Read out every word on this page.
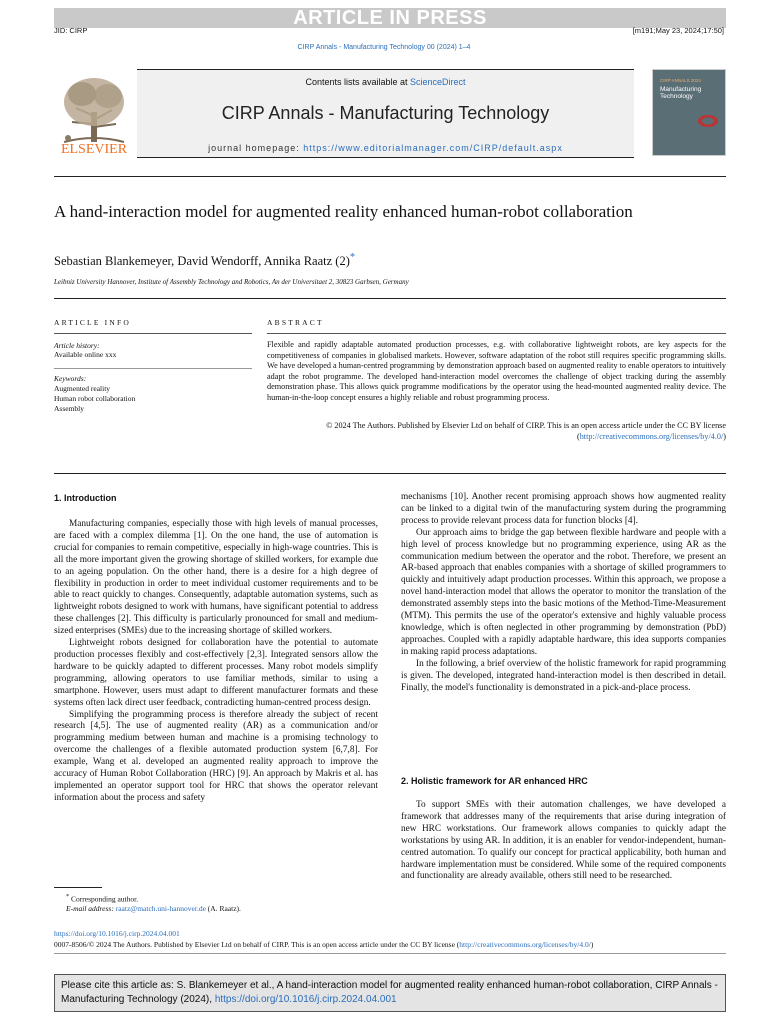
ARTICLE IN PRESS
JID: CIRP	[m191;May 23, 2024;17:50]
CIRP Annals - Manufacturing Technology 00 (2024) 1–4
ELSEVIER
Contents lists available at ScienceDirect
CIRP Annals - Manufacturing Technology
journal homepage: https://www.editorialmanager.com/CIRP/default.aspx
CIRP ANNALS 2024
Manufacturing Technology
A hand-interaction model for augmented reality enhanced human-robot collaboration
Sebastian Blankemeyer, David Wendorff, Annika Raatz (2)*
Leibniz University Hannover, Institute of Assembly Technology and Robotics, An der Universitaet 2, 30823 Garbsen, Germany
ARTICLE INFO	ABSTRACT
Article history:
Available online xxx
Keywords:
Augmented reality
Human robot collaboration
Assembly
Flexible and rapidly adaptable automated production processes, e.g. with collaborative lightweight robots, are key aspects for the competitiveness of companies in globalised markets. However, software adaptation of the robot still requires specific programming skills. We have developed a human-centred programming by demonstration approach based on augmented reality to enable operators to intuitively adapt the robot programme. The developed hand-interaction model overcomes the challenge of object tracking during the assembly demonstration phase. This allows quick programme modifications by the operator using the head-mounted augmented reality device. The human-in-the-loop concept ensures a highly reliable and robust programming process.
© 2024 The Authors. Published by Elsevier Ltd on behalf of CIRP. This is an open access article under the CC BY license (http://creativecommons.org/licenses/by/4.0/)
1. Introduction

Manufacturing companies, especially those with high levels of manual processes, are faced with a complex dilemma [1]. On the one hand, the use of automation is crucial for companies to remain competitive, especially in high-wage countries. This is all the more important given the growing shortage of skilled workers, for example due to an ageing population. On the other hand, there is a desire for a high degree of flexibility in production in order to meet individual customer requirements and to be able to react quickly to changes. Consequently, adaptable automation systems, such as lightweight robots designed to work with humans, have significant potential to address these challenges [2]. This difficulty is particularly pronounced for small and medium-sized enterprises (SMEs) due to the increasing shortage of skilled workers.

Lightweight robots designed for collaboration have the potential to automate production processes flexibly and cost-effectively [2,3]. Integrated sensors allow the hardware to be quickly adapted to different processes. Many robot models simplify programming, allowing operators to use familiar methods, similar to using a smartphone. However, users must adapt to different manufacturer formats and these systems often lack direct user feedback, contradicting human-centred process design.

Simplifying the programming process is therefore already the subject of recent research [4,5]. The use of augmented reality (AR) as a communication and/or programming medium between human and machine is a promising technology to overcome the challenges of a flexible automated production system [6,7,8]. For example, Wang et al. developed an augmented reality approach to improve the accuracy of Human Robot Collaboration (HRC) [9]. An approach by Makris et al. has implemented an operator support tool for HRC that shows the operator relevant information about the process and safety

mechanisms [10]. Another recent promising approach shows how augmented reality can be linked to a digital twin of the manufacturing system during the programming process to provide relevant process data for function blocks [4].

Our approach aims to bridge the gap between flexible hardware and people with a high level of process knowledge but no programming experience, using AR as the communication medium between the operator and the robot. Therefore, we present an AR-based approach that enables companies with a shortage of skilled programmers to quickly and intuitively adapt production processes. Within this approach, we propose a novel hand-interaction model that allows the operator to monitor the translation of the demonstrated assembly steps into the basic motions of the Method-Time-Measurement (MTM). This permits the use of the operator's extensive and highly valuable process knowledge, which is often neglected in other programming by demonstration (PbD) approaches. Coupled with a rapidly adaptable hardware, this idea supports companies in making rapid process adaptations.

In the following, a brief overview of the holistic framework for rapid programming is given. The developed, integrated hand-interaction model is then described in detail. Finally, the model's functionality is demonstrated in a pick-and-place process.

2. Holistic framework for AR enhanced HRC

To support SMEs with their automation challenges, we have developed a framework that addresses many of the requirements that arise during integration of new HRC workstations. Our framework allows companies to quickly adapt the workstations by using AR. In addition, it is an enabler for vendor-independent, human-centred automation. To qualify our concept for practical applicability, both human and hardware implementation must be considered. While some of the required components and functionality are already available, others still need to be researched.

* Corresponding author.
E-mail address: raatz@match.uni-hannover.de (A. Raatz).
https://doi.org/10.1016/j.cirp.2024.04.001
0007-8506/© 2024 The Authors. Published by Elsevier Ltd on behalf of CIRP. This is an open access article under the CC BY license (http://creativecommons.org/licenses/by/4.0/)
Please cite this article as: S. Blankemeyer et al., A hand-interaction model for augmented reality enhanced human-robot collaboration, CIRP Annals - Manufacturing Technology (2024), https://doi.org/10.1016/j.cirp.2024.04.001
